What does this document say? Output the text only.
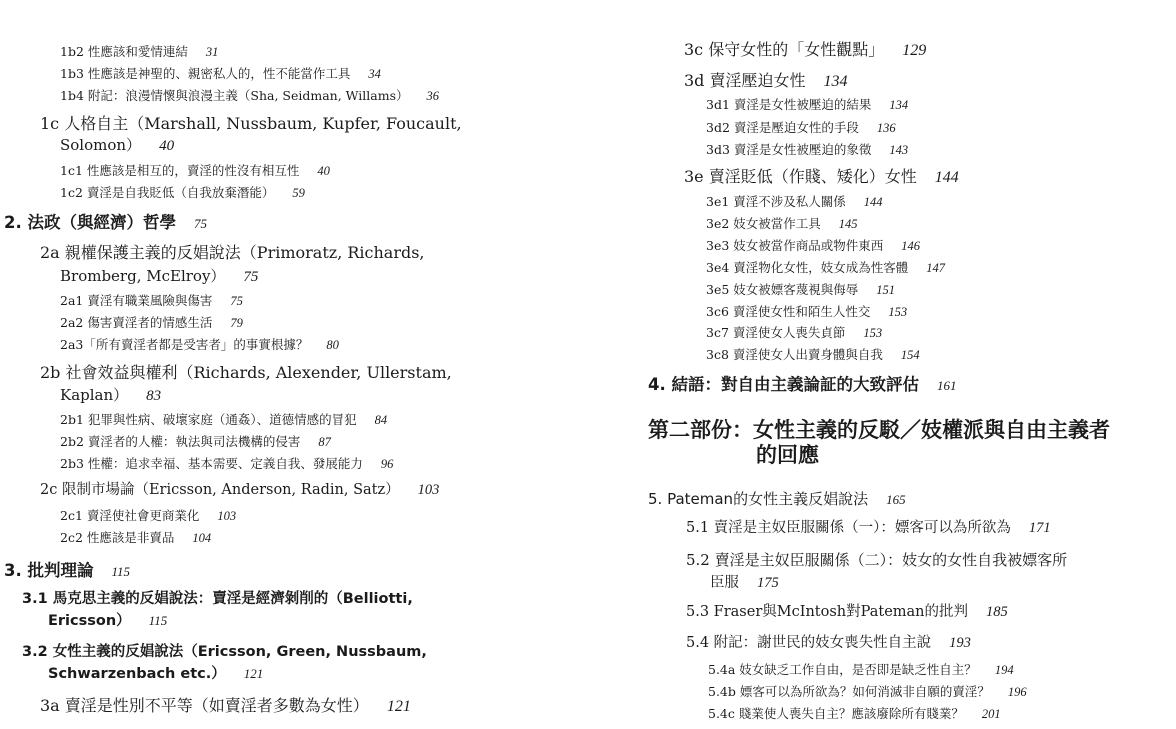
1b2 性應該和愛情連結 31
1b3 性應該是神聖的、親密私人的，性不能當作工具 34
1b4 附記：浪漫情懷與浪漫主義（Sha, Seidman, Willams） 36
1c 人格自主（Marshall, Nussbaum, Kupfer, Foucault,
Solomon） 40
1c1 性應該是相互的，賣淫的性沒有相互性 40
1c2 賣淫是自我貶低（自我放棄潛能） 59
2. 法政（與經濟）哲學 75
2a 親權保護主義的反娼說法（Primoratz, Richards,
Bromberg, McElroy） 75
2a1 賣淫有職業風險與傷害 75
2a2 傷害賣淫者的情感生活 79
2a3「所有賣淫者都是受害者」的事實根據？ 80
2b 社會效益與權利（Richards, Alexender, Ullerstam,
Kaplan） 83
2b1 犯罪與性病、破壞家庭（通姦）、道德情感的冒犯 84
2b2 賣淫者的人權：執法與司法機構的侵害 87
2b3 性權：追求幸福、基本需要、定義自我、發展能力 96
2c 限制市場論（Ericsson, Anderson, Radin, Satz） 103
2c1 賣淫使社會更商業化 103
2c2 性應該是非賣品 104
3. 批判理論 115
3.1 馬克思主義的反娼說法：賣淫是經濟剝削的（Belliotti,
Ericsson） 115
3.2 女性主義的反娼說法（Ericsson, Green, Nussbaum,
Schwarzenbach etc.） 121
3a 賣淫是性別不平等（如賣淫者多數為女性） 121
3c 保守女性的「女性觀點」 129
3d 賣淫壓迫女性 134
3d1 賣淫是女性被壓迫的結果 134
3d2 賣淫是壓迫女性的手段 136
3d3 賣淫是女性被壓迫的象徵 143
3e 賣淫貶低（作賤、矮化）女性 144
3e1 賣淫不涉及私人關係 144
3e2 妓女被當作工具 145
3e3 妓女被當作商品或物件東西 146
3e4 賣淫物化女性，妓女成為性客體 147
3e5 妓女被嫖客蔑視與侮辱 151
3c6 賣淫使女性和陌生人性交 153
3c7 賣淫使女人喪失貞節 153
3c8 賣淫使女人出賣身體與自我 154
4. 結語：對自由主義論証的大致評估 161
第二部份：女性主義的反駁／妓權派與自由主義者
的回應
5. Pateman的女性主義反娼說法 165
5.1 賣淫是主奴臣服關係（一）：嫖客可以為所欲為 171
5.2 賣淫是主奴臣服關係（二）：妓女的女性自我被嫖客所
臣服 175
5.3 Fraser與McIntosh對Pateman的批判 185
5.4 附記：謝世民的妓女喪失性自主說 193
5.4a 妓女缺乏工作自由，是否即是缺乏性自主？ 194
5.4b 嫖客可以為所欲為？如何消滅非自願的賣淫？ 196
5.4c 賤業使人喪失自主？應該廢除所有賤業？ 201
